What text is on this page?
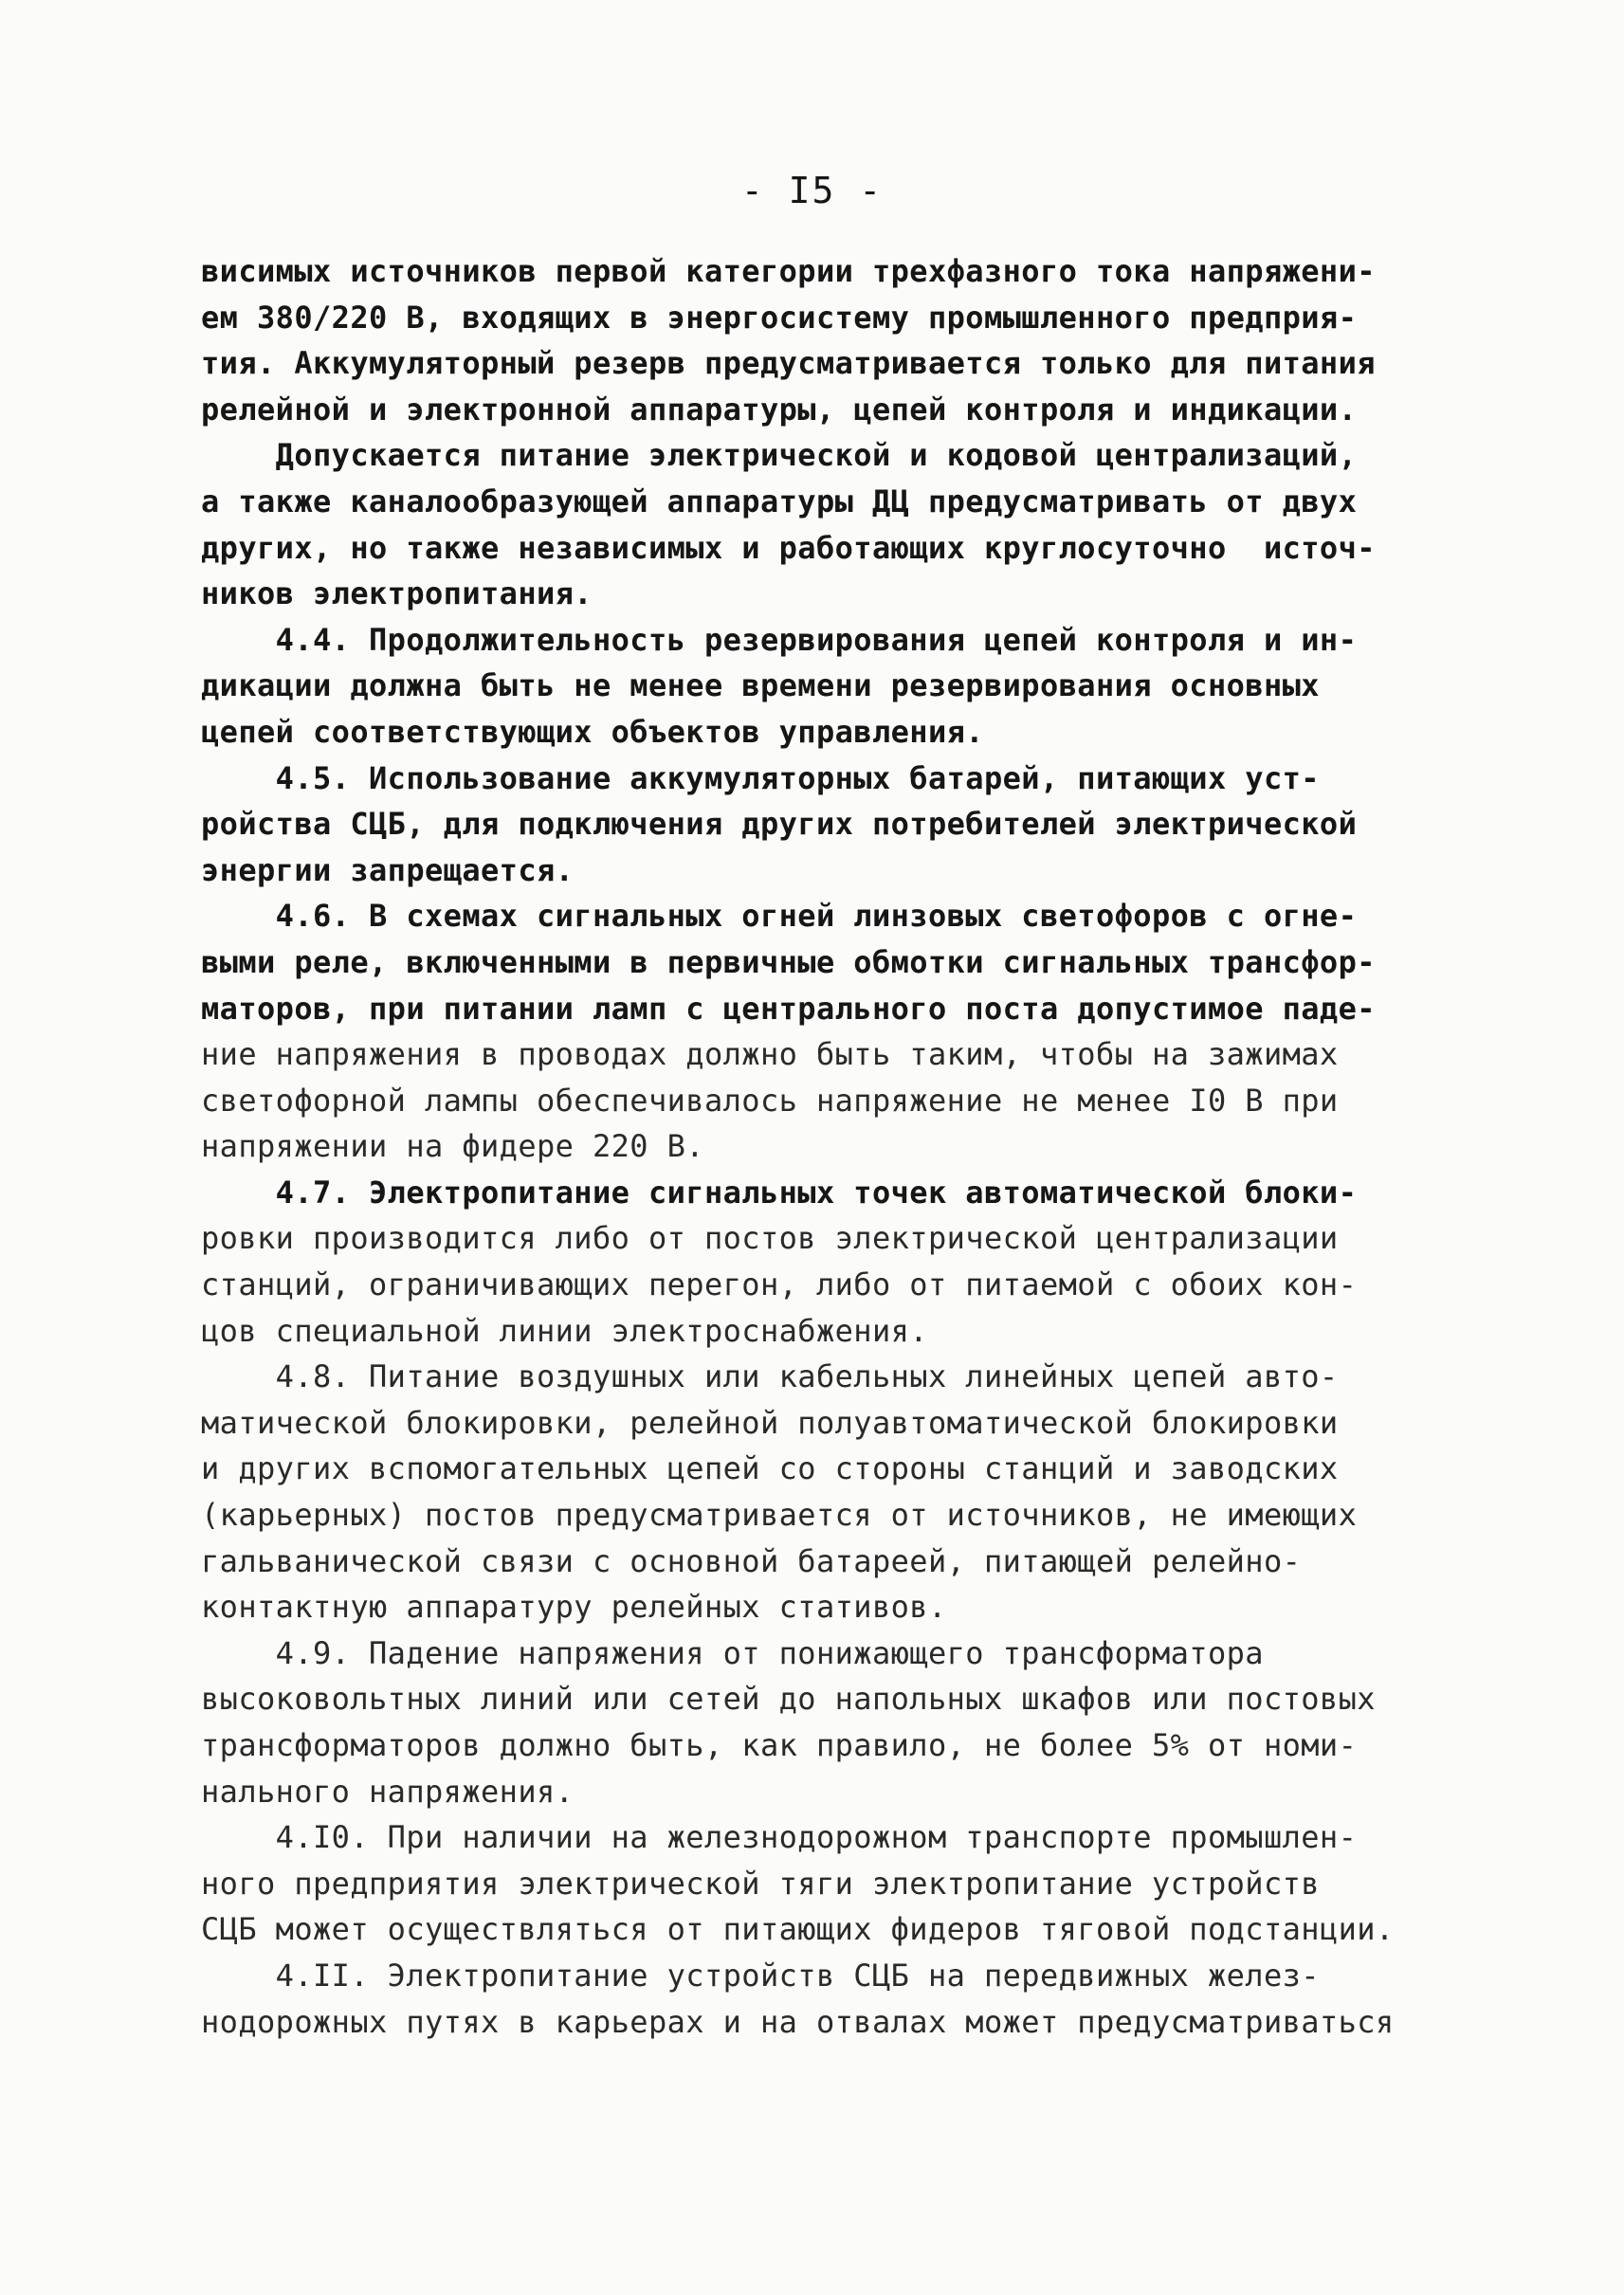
- I5 -
висимых источников первой категории трехфазного тока напряжени-
ем 380/220 В, входящих в энергосистему промышленного предприя-
тия. Аккумуляторный резерв предусматривается только для питания
релейной и электронной аппаратуры, цепей контроля и индикации.
Допускается питание электрической и кодовой централизаций,
а также каналообразующей аппаратуры ДЦ предусматривать от двух
других, но также независимых и работающих круглосуточно  источ-
ников электропитания.
4.4. Продолжительность резервирования цепей контроля и ин-
дикации должна быть не менее времени резервирования основных
цепей соответствующих объектов управления.
4.5. Использование аккумуляторных батарей, питающих уст-
ройства СЦБ, для подключения других потребителей электрической
энергии запрещается.
4.6. В схемах сигнальных огней линзовых светофоров с огне-
выми реле, включенными в первичные обмотки сигнальных трансфор-
маторов, при питании ламп с центрального поста допустимое паде-
ние напряжения в проводах должно быть таким, чтобы на зажимах
светофорной лампы обеспечивалось напряжение не менее I0 В при
напряжении на фидере 220 В.
4.7. Электропитание сигнальных точек автоматической блоки-
ровки производится либо от постов электрической централизации
станций, ограничивающих перегон, либо от питаемой с обоих кон-
цов специальной линии электроснабжения.
4.8. Питание воздушных или кабельных линейных цепей авто-
матической блокировки, релейной полуавтоматической блокировки
и других вспомогательных цепей со стороны станций и заводских
(карьерных) постов предусматривается от источников, не имеющих
гальванической связи с основной батареей, питающей релейно-
контактную аппаратуру релейных стативов.
4.9. Падение напряжения от понижающего трансформатора
высоковольтных линий или сетей до напольных шкафов или постовых
трансформаторов должно быть, как правило, не более 5% от номи-
нального напряжения.
4.I0. При наличии на железнодорожном транспорте промышлен-
ного предприятия электрической тяги электропитание устройств
СЦБ может осуществляться от питающих фидеров тяговой подстанции.
4.II. Электропитание устройств СЦБ на передвижных желез-
нодорожных путях в карьерах и на отвалах может предусматриваться
